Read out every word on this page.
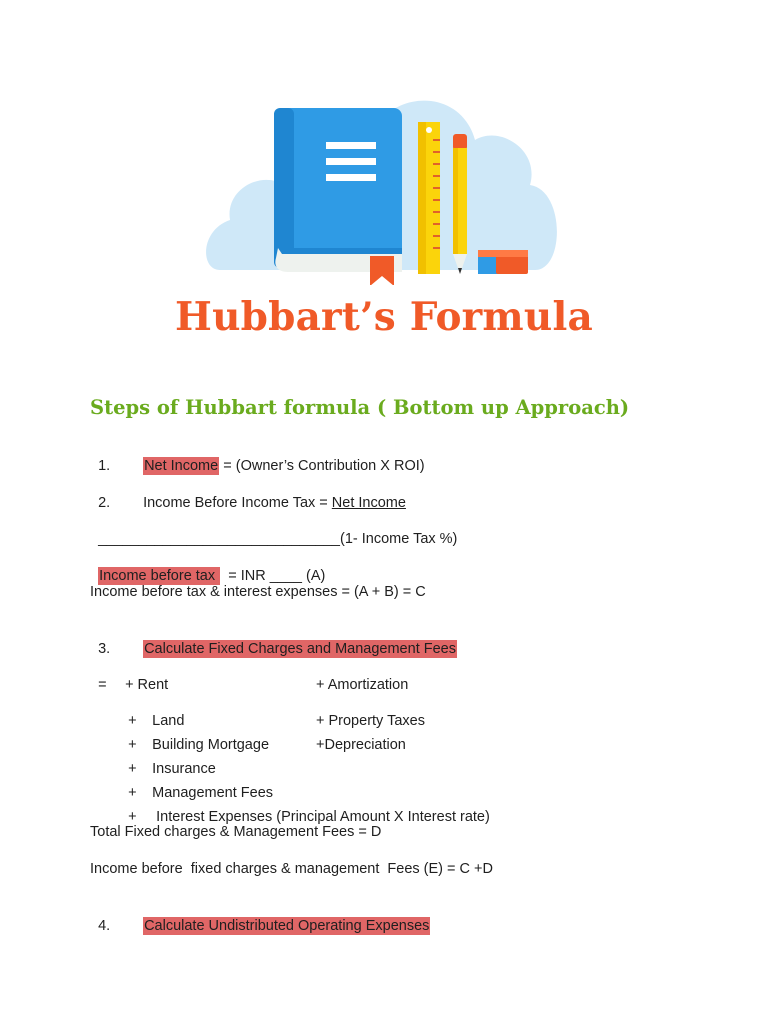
Hubbart’s Formula
Steps of Hubbart formula ( Bottom up Approach)

1. Net Income = (Owner’s Contribution X ROI)

2. Income Before Income Tax = Net Income

______________________________(1- Income Tax %)

Income before tax   = INR ____ (A)

Income before tax & interest expenses = (A + B) = C

3. Calculate Fixed Charges and Management Fees

= + Rent	+ Amortization

+ Land	+ Property Taxes

+ Building Mortgage	+Depreciation

+ Insurance

+ Management Fees

+ Interest Expenses (Principal Amount X Interest rate)

Total Fixed charges & Management Fees = D
Income before  fixed charges & management  Fees (E) = C +D

4. Calculate Undistributed Operating Expenses
